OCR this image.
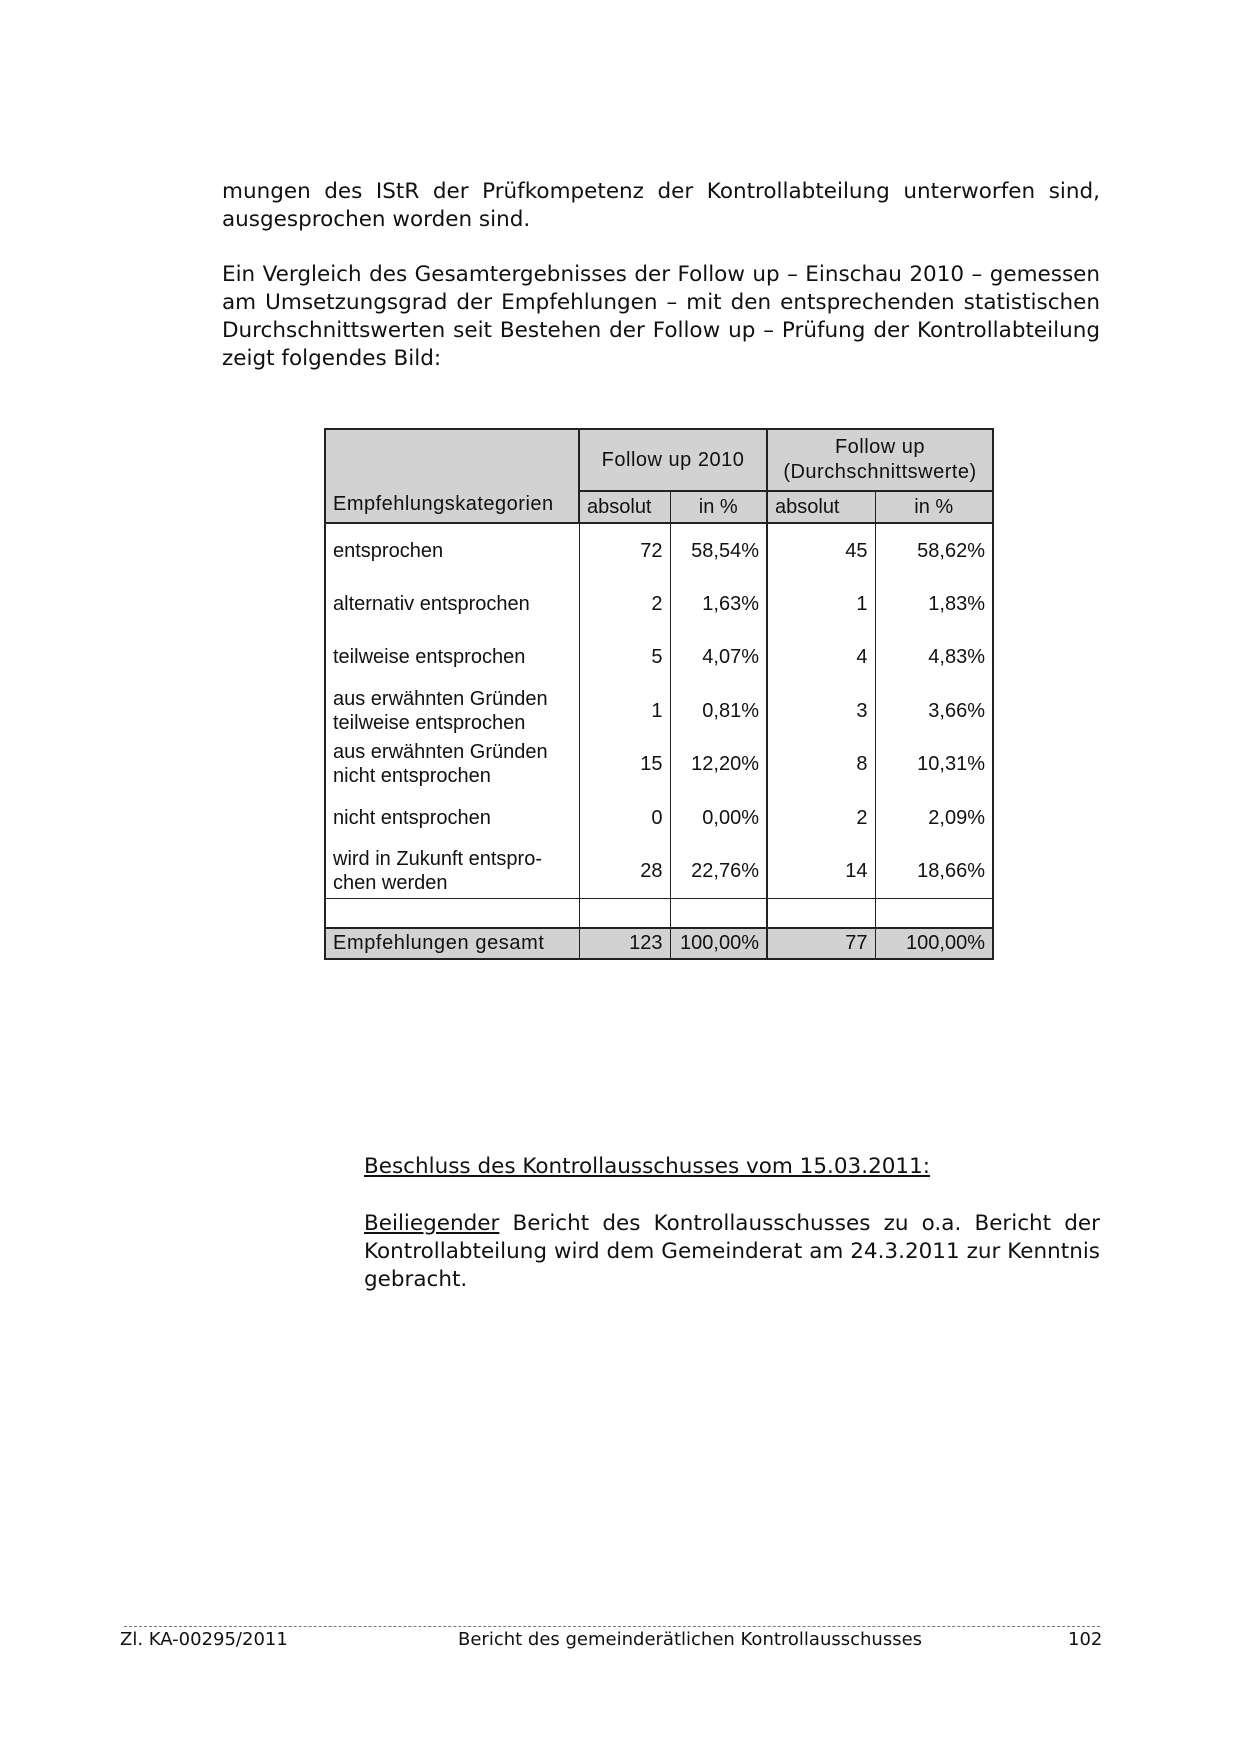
mungen des IStR der Prüfkompetenz der Kontrollabteilung unterworfen sind, ausgesprochen worden sind.

Ein Vergleich des Gesamtergebnisses der Follow up – Einschau 2010 – gemessen am Umsetzungsgrad der Empfehlungen – mit den entsprechenden statistischen Durchschnittswerten seit Bestehen der Follow up – Prüfung der Kontrollabteilung zeigt folgendes Bild:

Empfehlungskategorien	Follow up 2010		Follow up
(Durchschnittswerte)	
	absolut	in %	absolut	in %
entsprochen	72	58,54%	45	58,62%
alternativ entsprochen	2	1,63%	1	1,83%
teilweise entsprochen	5	4,07%	4	4,83%
aus erwähnten Gründen
teilweise entsprochen	1	0,81%	3	3,66%
aus erwähnten Gründen
nicht entsprochen	15	12,20%	8	10,31%
nicht entsprochen	0	0,00%	2	2,09%
wird in Zukunft entspro-
chen werden	28	22,76%	14	18,66%

Empfehlungen gesamt	123	100,00%	77	100,00%

Beschluss des Kontrollausschusses vom 15.03.2011:

Beiliegender Bericht des Kontrollausschusses zu o.a. Bericht der Kontrollabteilung wird dem Gemeinderat am 24.3.2011 zur Kenntnis gebracht.

Zl. KA-00295/2011	Bericht des gemeinderätlichen Kontrollausschusses	102
